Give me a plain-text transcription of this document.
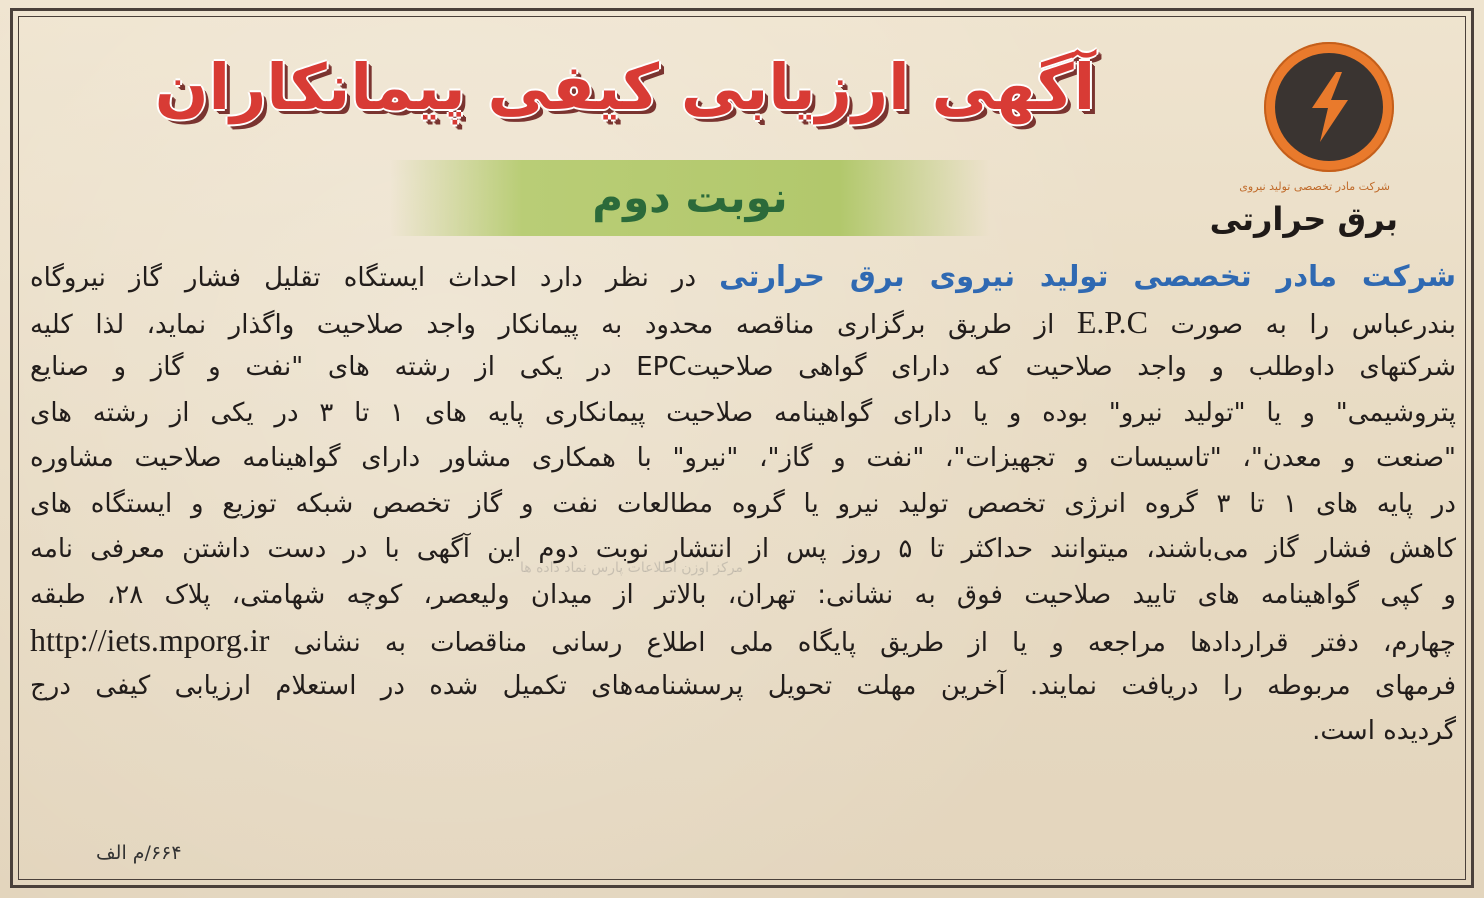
شرکت مادر تخصصی تولید نیروی
برق حرارتی
آگهی ارزیابی کیفی پیمانکاران
نوبت دوم
مرکز اوزن اطلاعات پارس نماد داده ها
شرکت مادر تخصصی تولید نیروی برق حرارتی در نظر دارد احداث ایستگاه تقلیل فشار گاز نیروگاه
بندرعباس را به صورت E.P.C از طریق برگزاری مناقصه محدود به پیمانکار واجد صلاحیت واگذار نماید، لذا کلیه
شرکتهای داوطلب و واجد صلاحیت که دارای گواهی صلاحیتEPC در یکی از رشته های "نفت و گاز و صنایع
پتروشیمی" و یا "تولید نیرو" بوده و یا دارای گواهینامه صلاحیت پیمانکاری پایه های ۱ تا ۳ در یکی از رشته های
"صنعت و معدن"، "تاسیسات و تجهیزات"، "نفت و گاز"، "نیرو" با همکاری مشاور دارای گواهینامه صلاحیت مشاوره
در پایه های ۱ تا ۳ گروه انرژی تخصص تولید نیرو یا گروه مطالعات نفت و گاز تخصص شبکه توزیع و ایستگاه های
کاهش فشار گاز می‌باشند، میتوانند حداکثر تا ۵ روز پس از انتشار نوبت دوم این آگهی با در دست داشتن معرفی نامه
و کپی گواهینامه های تایید صلاحیت فوق به نشانی: تهران، بالاتر از میدان ولیعصر، کوچه شهامتی، پلاک ۲۸، طبقه
چهارم، دفتر قراردادها مراجعه و یا از طریق پایگاه ملی اطلاع رسانی مناقصات به نشانی http://iets.mporg.ir
فرمهای مربوطه را دریافت نمایند. آخرین مهلت تحویل پرسشنامه‌های تکمیل شده در استعلام ارزیابی کیفی درج
گردیده است.
۶۶۴/م الف
